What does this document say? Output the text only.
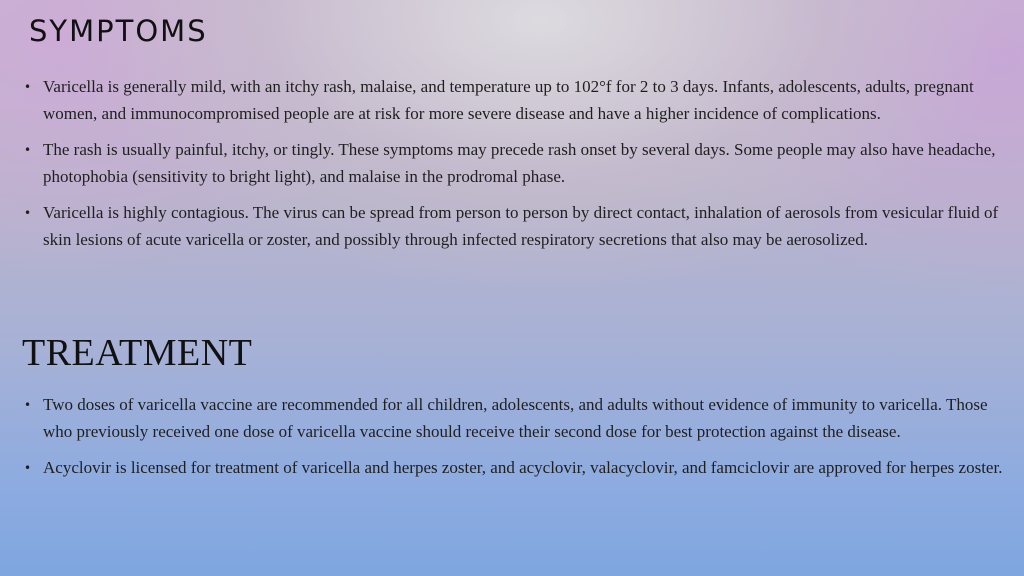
SYMPTOMS
• Varicella is generally mild, with an itchy rash, malaise, and temperature up to 102°f for 2 to 3 days. Infants, adolescents, adults, pregnant women, and immunocompromised people are at risk for more severe disease and have a higher incidence of complications.
• The rash is usually painful, itchy, or tingly. These symptoms may precede rash onset by several days. Some people may also have headache, photophobia (sensitivity to bright light), and malaise in the prodromal phase.
• Varicella is highly contagious. The virus can be spread from person to person by direct contact, inhalation of aerosols from vesicular fluid of skin lesions of acute varicella or zoster, and possibly through infected respiratory secretions that also may be aerosolized.
TREATMENT
• Two doses of varicella vaccine are recommended for all children, adolescents, and adults without evidence of immunity to varicella. Those who previously received one dose of varicella vaccine should receive their second dose for best protection against the disease.
• Acyclovir is licensed for treatment of varicella and herpes zoster, and acyclovir, valacyclovir, and famciclovir are approved for herpes zoster.
